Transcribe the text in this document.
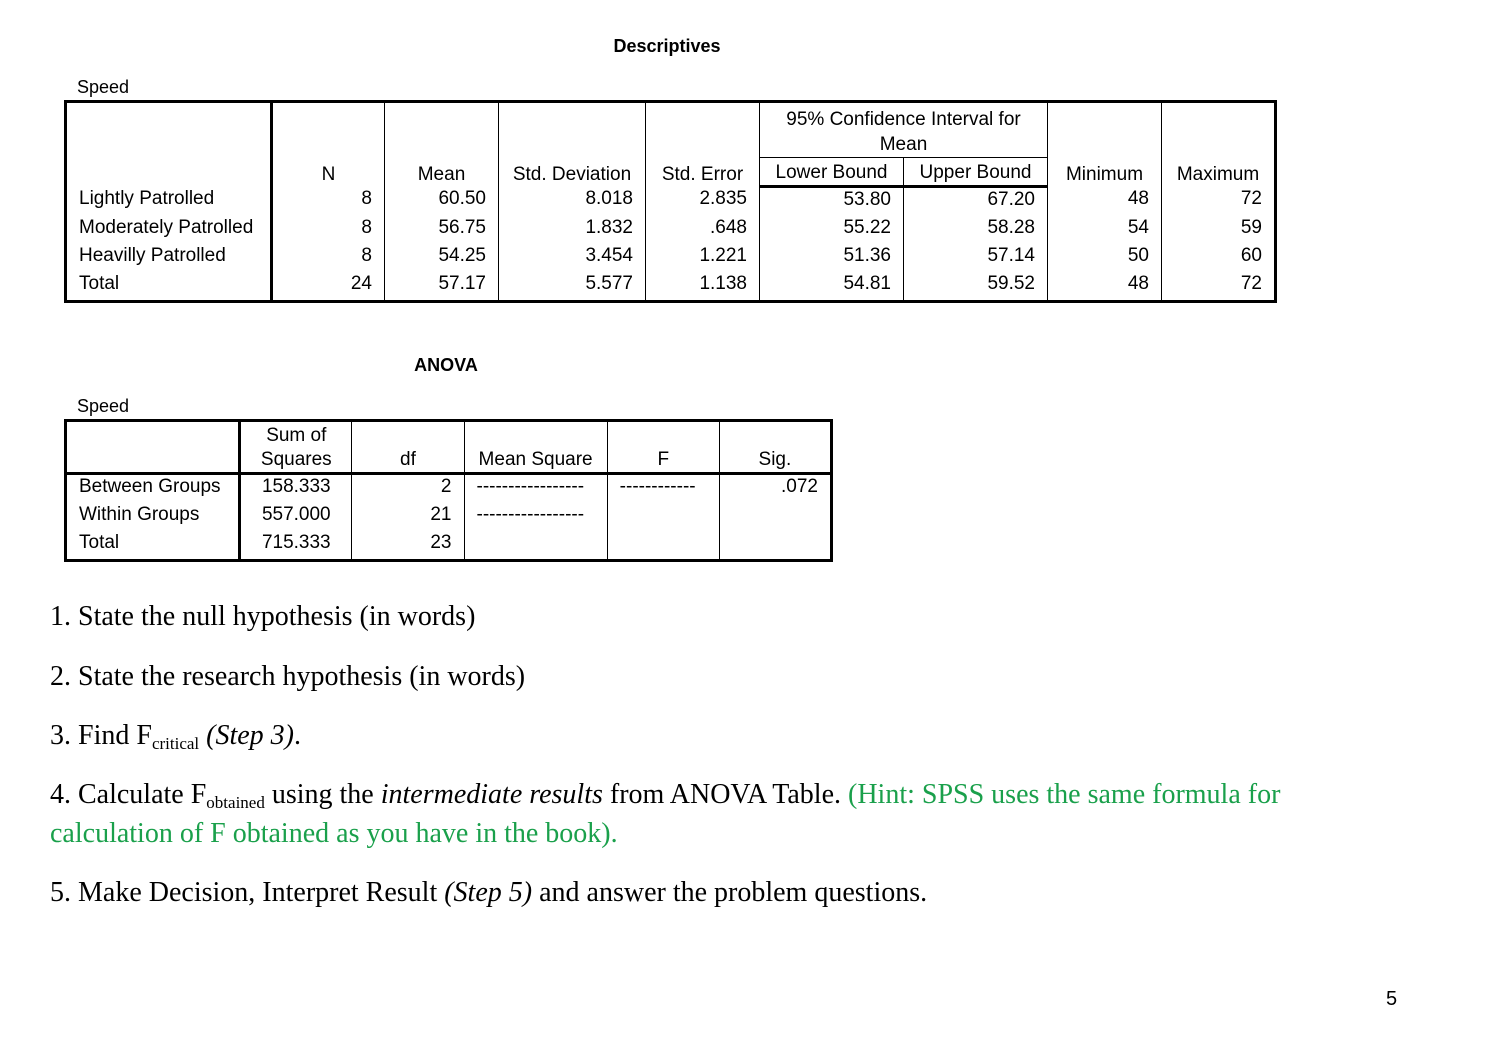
Descriptives
Speed
	N	Mean	Std. Deviation	Std. Error	95% Confidence Interval for Mean		Minimum	Maximum
					Lower Bound	Upper Bound		
Lightly Patrolled	8	60.50	8.018	2.835	53.80	67.20	48	72
Moderately Patrolled	8	56.75	1.832	.648	55.22	58.28	54	59
Heavilly Patrolled	8	54.25	3.454	1.221	51.36	57.14	50	60
Total	24	57.17	5.577	1.138	54.81	59.52	48	72
ANOVA
Speed
	Sum of Squares	df	Mean Square	F	Sig.
Between Groups	158.333	2	-----------------	------------	.072
Within Groups	557.000	21	-----------------		
Total	715.333	23			
1. State the null hypothesis (in words)
2. State the research hypothesis (in words)
3. Find $F_{critical}$ (Step 3).
4. Calculate $F_{obtained}$ using the intermediate results from ANOVA Table. (Hint: SPSS uses the same formula for calculation of F obtained as you have in the book).
5. Make Decision, Interpret Result (Step 5) and answer the problem questions.
5
